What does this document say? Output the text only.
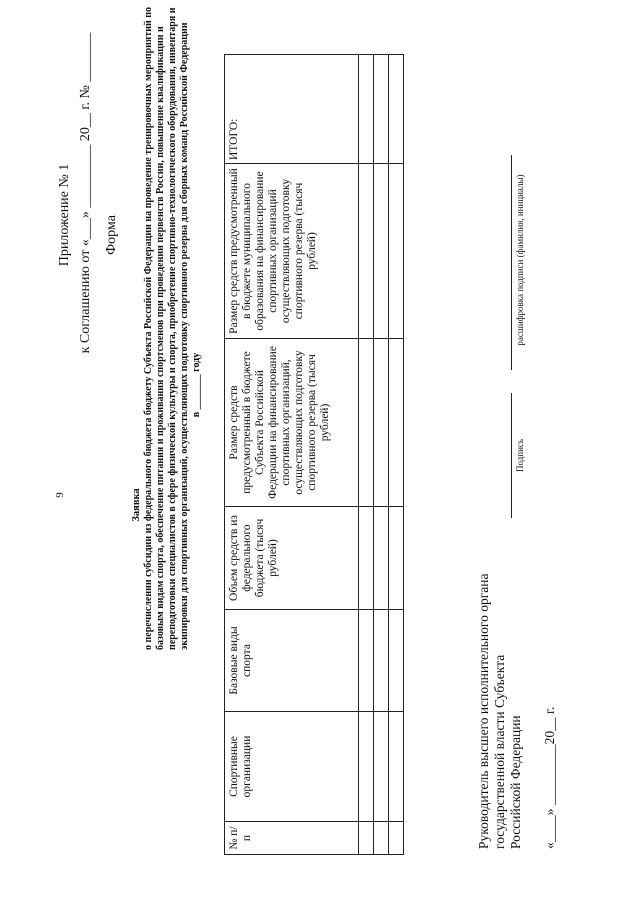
9
Приложение № 1 к Соглашению от «___» _________ 20__ г. № _______ Форма
Заявка о перечислении субсидии из федерального бюджета бюджету Субъекта Российской Федерации на проведение тренировочных мероприятий по базовым видам спорта, обеспечение питания и проживания спортсменов при проведении первенств России, повышение квалификации и переподготовки специалистов в сфере физической культуры и спорта, приобретение спортивно-технологического оборудования, инвентаря и экипировки для спортивных организаций, осуществляющих подготовку спортивного резерва для сборных команд Российской Федерации в _______ году
№ п/п	Спортивные организации	Базовые виды спорта	Объем средств из федерального бюджета (тысяч рублей)	Размер средств предусмотренный в бюджете Субъекта Российской Федерации на финансирование спортивных организаций, осуществляющих подготовку спортивного резерва (тысяч рублей)	Размер средств предусмотренный в бюджете муниципального образования на финансирование спортивных организаций осуществляющих подготовку спортивного резерва (тысяч рублей)	ИТОГО:

Руководитель высшего исполнительного органа государственной власти Субъекта Российской Федерации
Подпись
расшифровка подписи (фамилия, инициалы)
«____» _________20__ г.
